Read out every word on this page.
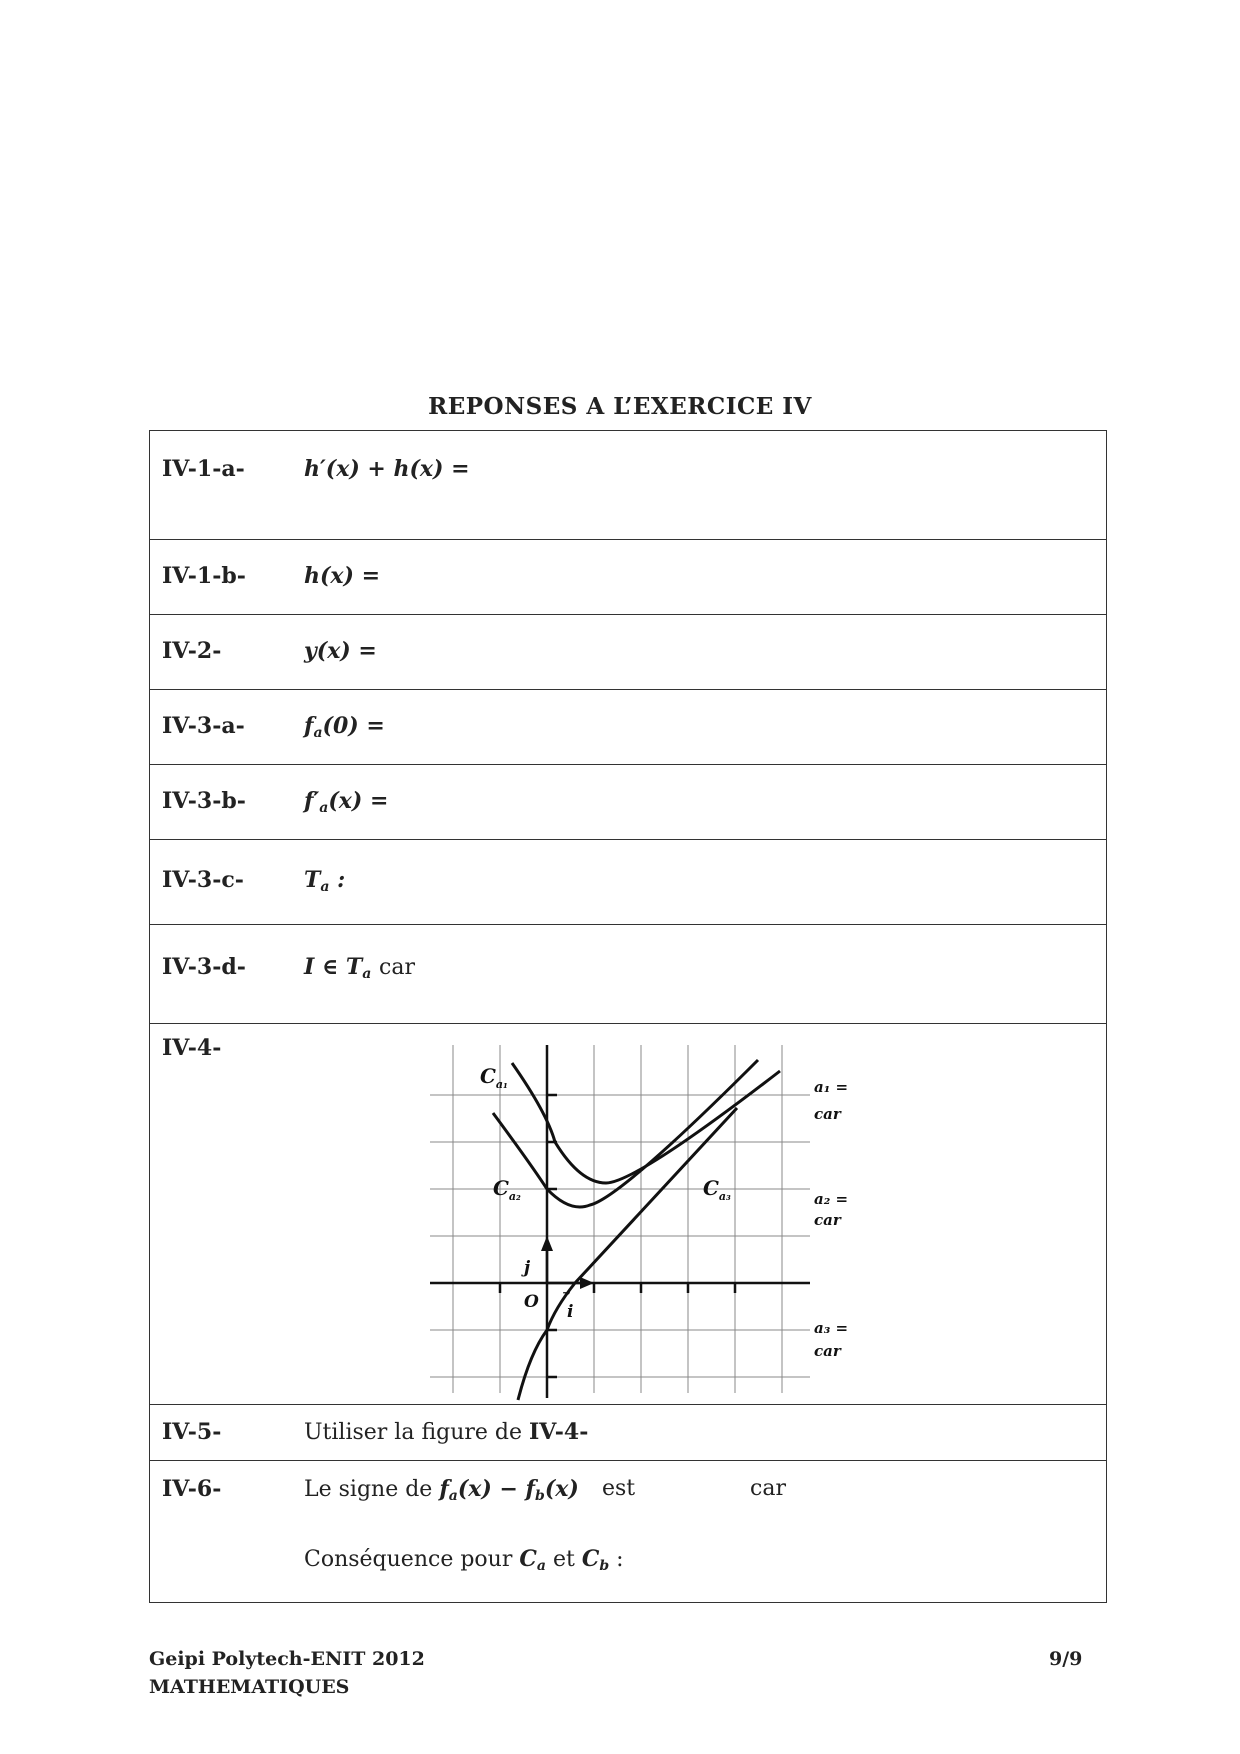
REPONSES A L’EXERCICE IV
IV-1-a-	h′(x) + h(x) =
IV-1-b-	h(x) =
IV-2-	y(x) =
IV-3-a-	$f_a(0)$ =
IV-3-b-	$f'_a(x)$ =
IV-3-c-	$T_a$ :
IV-3-d-	I ∈ $T_a$ car
IV-4-
$C_{a_1}$
$C_{a_2}$	$C_{a_3}$
O i
j
a₁ =
car
a₂ =
car
a₃ =
car
IV-5-	Utiliser la figure de IV-4-
IV-6-	Le signe de $f_a(x) - f_b(x)$ est	car
Conséquence pour $C_a$ et $C_b$ :
Geipi Polytech-ENIT 2012
MATHEMATIQUES
9/9
